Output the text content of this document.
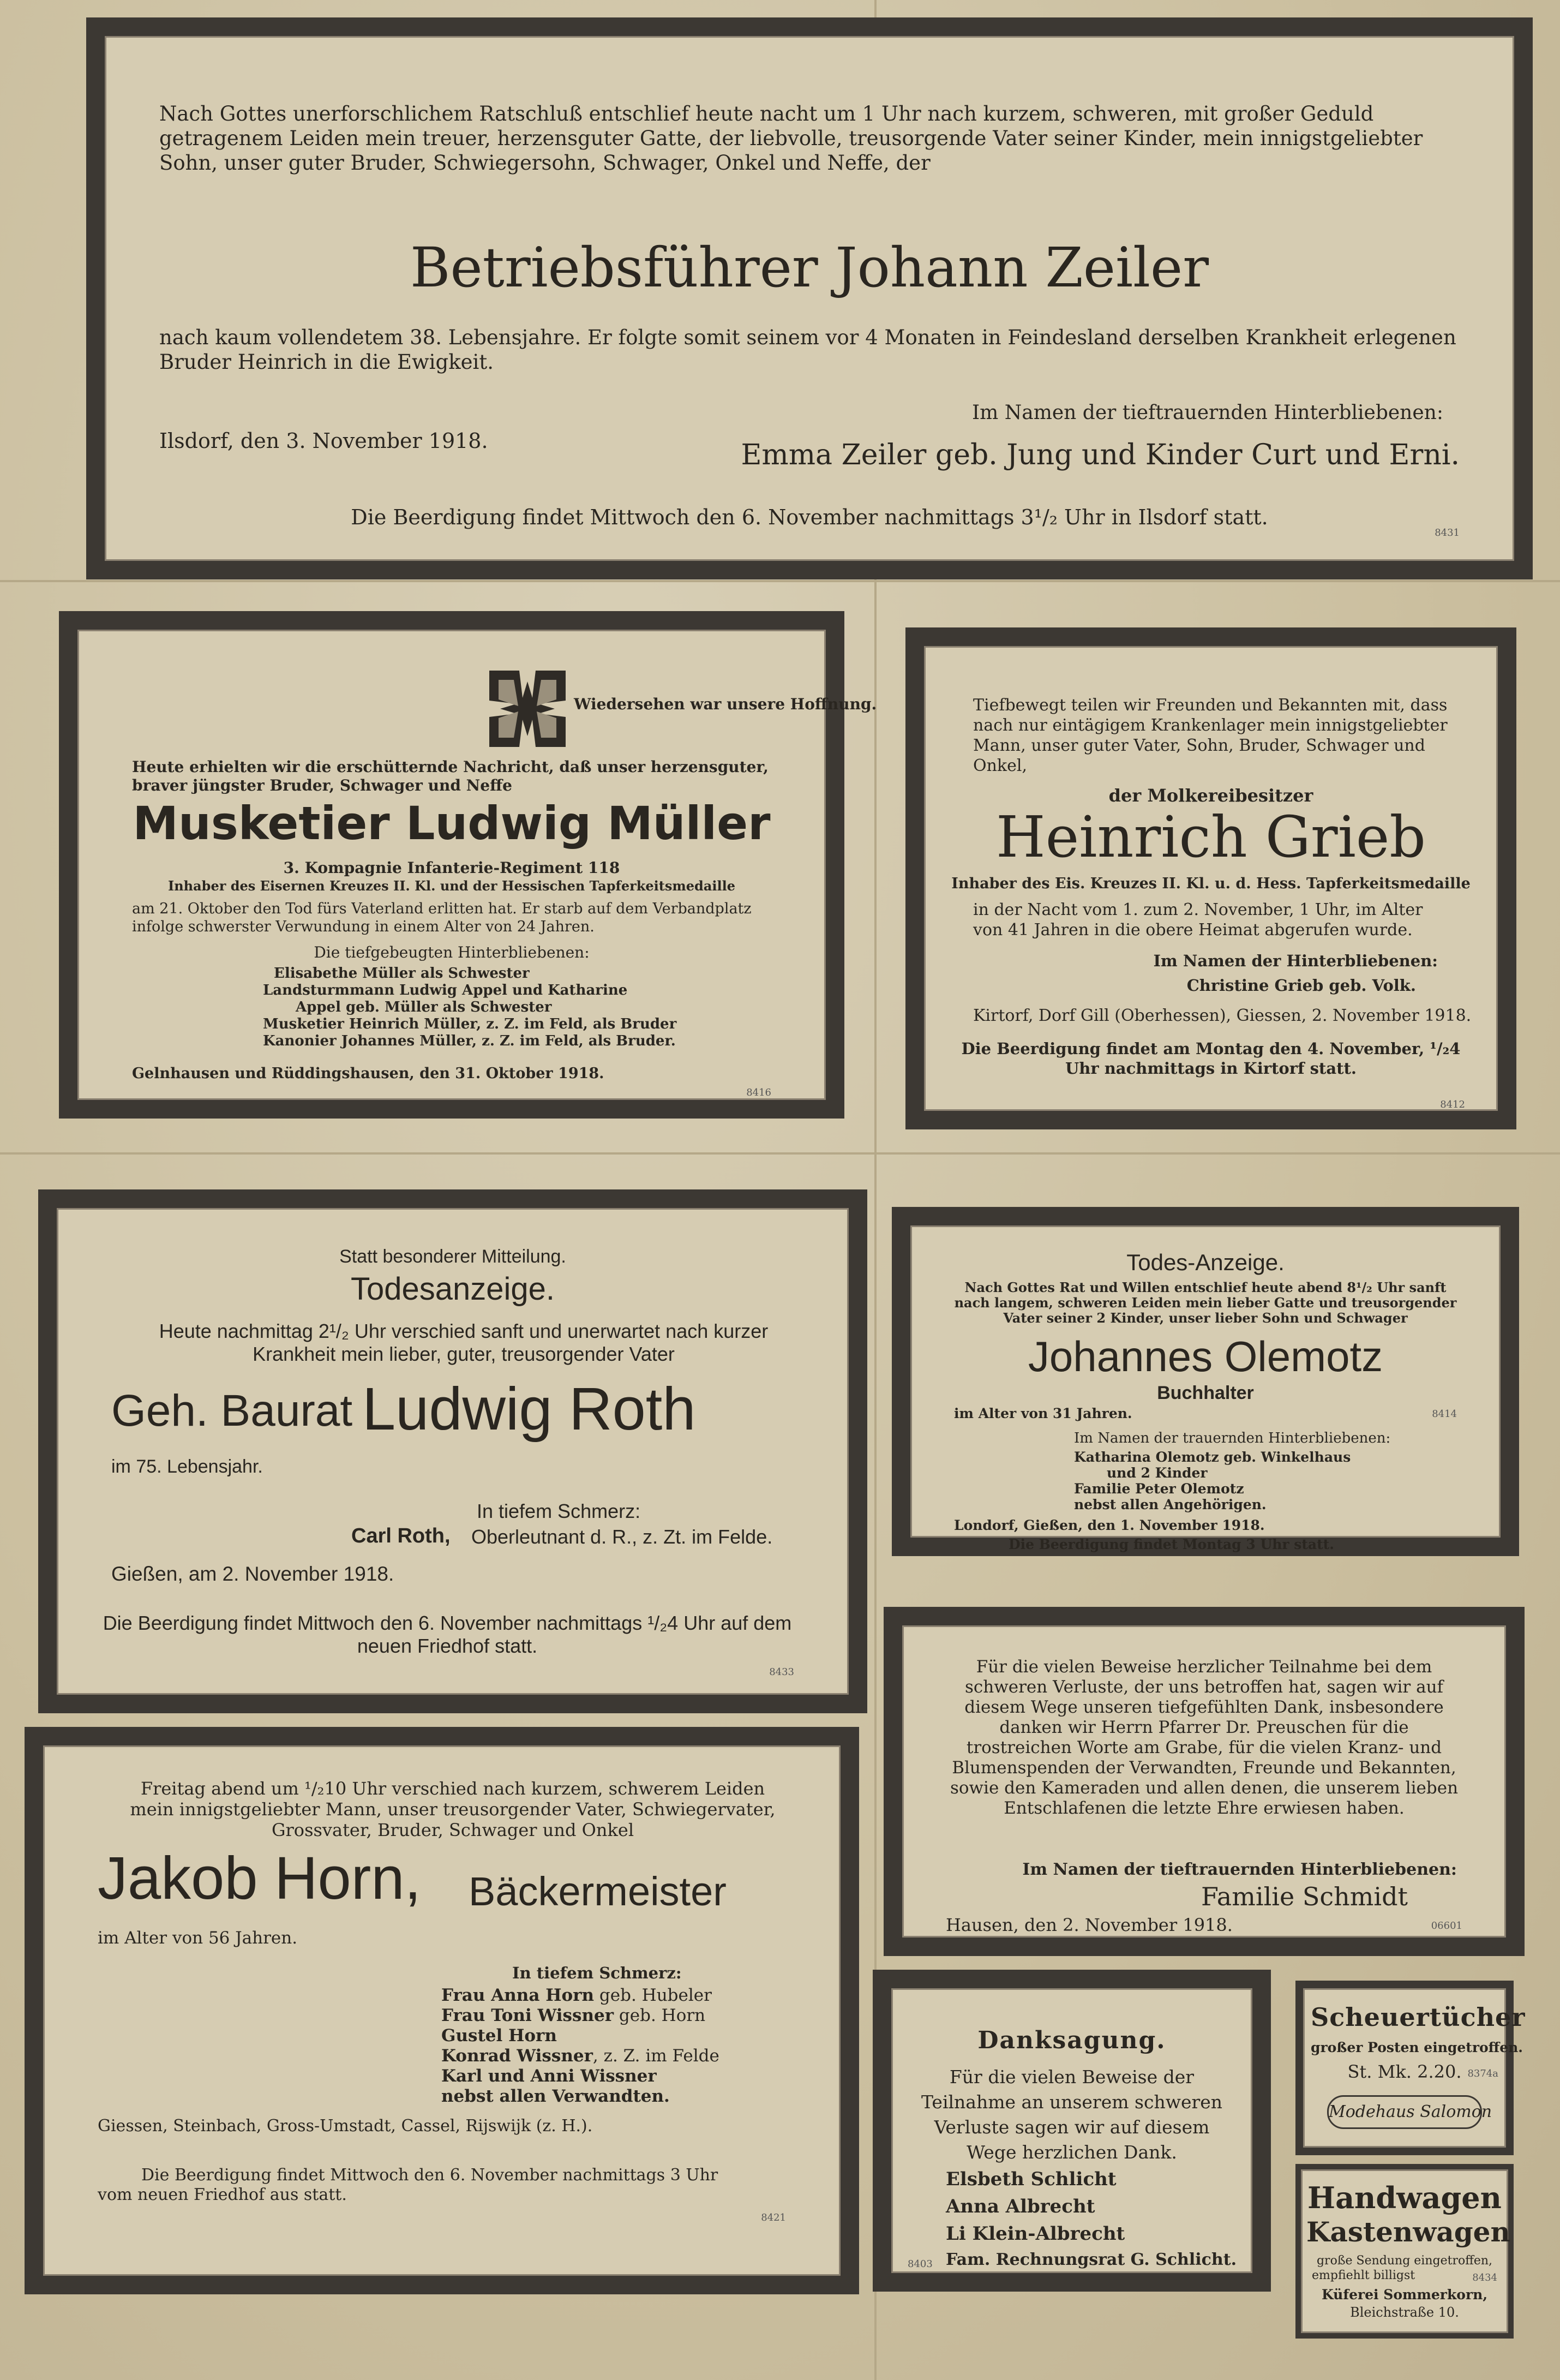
Nach Gottes unerforschlichem Ratschluß entschlief heute nacht um 1 Uhr nach kurzem, schweren, mit großer Geduld getragenem Leiden mein treuer, herzensguter Gatte, der liebvolle, treusorgende Vater seiner Kinder, mein innigstgeliebter Sohn, unser guter Bruder, Schwiegersohn, Schwager, Onkel und Neffe, der
Betriebsführer Johann Zeiler
nach kaum vollendetem 38. Lebensjahre. Er folgte somit seinem vor 4 Monaten in Feindesland derselben Krankheit erlegenen Bruder Heinrich in die Ewigkeit.
Im Namen der tieftrauernden Hinterbliebenen:
Ilsdorf, den 3. November 1918.	Emma Zeiler geb. Jung und Kinder Curt und Erni.
Die Beerdigung findet Mittwoch den 6. November nachmittags 3¹/₂ Uhr in Ilsdorf statt.
8431
Wiedersehen war unsere Hoffnung.
Heute erhielten wir die erschütternde Nachricht, daß unser herzensguter, braver jüngster Bruder, Schwager und Neffe
Musketier Ludwig Müller
3. Kompagnie Infanterie-Regiment 118
Inhaber des Eisernen Kreuzes II. Kl. und der Hessischen Tapferkeitsmedaille
am 21. Oktober den Tod fürs Vaterland erlitten hat. Er starb auf dem Verbandplatz infolge schwerster Verwundung in einem Alter von 24 Jahren.
Die tiefgebeugten Hinterbliebenen:
Elisabethe Müller als Schwester
Landsturmmann Ludwig Appel und Katharine
Appel geb. Müller als Schwester
Musketier Heinrich Müller, z. Z. im Feld, als Bruder
Kanonier Johannes Müller, z. Z. im Feld, als Bruder.
Gelnhausen und Rüddingshausen, den 31. Oktober 1918.
8416
Tiefbewegt teilen wir Freunden und Bekannten mit, dass nach nur eintägigem Krankenlager mein innigstgeliebter Mann, unser guter Vater, Sohn, Bruder, Schwager und Onkel,
der Molkereibesitzer
Heinrich Grieb
Inhaber des Eis. Kreuzes II. Kl. u. d. Hess. Tapferkeitsmedaille
in der Nacht vom 1. zum 2. November, 1 Uhr, im Alter von 41 Jahren in die obere Heimat abgerufen wurde.
Im Namen der Hinterbliebenen:
Christine Grieb geb. Volk.
Kirtorf, Dorf Gill (Oberhessen), Giessen, 2. November 1918.
Die Beerdigung findet am Montag den 4. November, ¹/₂4 Uhr nachmittags in Kirtorf statt.
8412
Statt besonderer Mitteilung.
Todesanzeige.
Heute nachmittag 2¹/₂ Uhr verschied sanft und unerwartet nach kurzer Krankheit mein lieber, guter, treusorgender Vater
Geh. Baurat Ludwig Roth
im 75. Lebensjahr.
In tiefem Schmerz:
Carl Roth, Oberleutnant d. R., z. Zt. im Felde.
Gießen, am 2. November 1918.
Die Beerdigung findet Mittwoch den 6. November nachmittags ¹/₂4 Uhr auf dem neuen Friedhof statt.
8433
Todes-Anzeige.
Nach Gottes Rat und Willen entschlief heute abend 8¹/₂ Uhr sanft nach langem, schweren Leiden mein lieber Gatte und treusorgender Vater seiner 2 Kinder, unser lieber Sohn und Schwager
Johannes Olemotz
Buchhalter
im Alter von 31 Jahren.	8414
Im Namen der trauernden Hinterbliebenen:
Katharina Olemotz geb. Winkelhaus
und 2 Kinder
Familie Peter Olemotz
nebst allen Angehörigen.
Londorf, Gießen, den 1. November 1918.
Die Beerdigung findet Montag 3 Uhr statt.
Für die vielen Beweise herzlicher Teilnahme bei dem schweren Verluste, der uns betroffen hat, sagen wir auf diesem Wege unseren tiefgefühlten Dank, insbesondere danken wir Herrn Pfarrer Dr. Preuschen für die trostreichen Worte am Grabe, für die vielen Kranz- und Blumenspenden der Verwandten, Freunde und Bekannten, sowie den Kameraden und allen denen, die unserem lieben Entschlafenen die letzte Ehre erwiesen haben.
Im Namen der tieftrauernden Hinterbliebenen:
Familie Schmidt
Hausen, den 2. November 1918.	06601
Freitag abend um ¹/₂10 Uhr verschied nach kurzem, schwerem Leiden mein innigstgeliebter Mann, unser treusorgender Vater, Schwiegervater, Grossvater, Bruder, Schwager und Onkel
Jakob Horn, Bäckermeister
im Alter von 56 Jahren.
In tiefem Schmerz:
Frau Anna Horn geb. Hubeler
Frau Toni Wissner geb. Horn
Gustel Horn
Konrad Wissner, z. Z. im Felde
Karl und Anni Wissner
nebst allen Verwandten.
Giessen, Steinbach, Gross-Umstadt, Cassel, Rijswijk (z. H.).
Die Beerdigung findet Mittwoch den 6. November nachmittags 3 Uhr vom neuen Friedhof aus statt.
8421
Danksagung.
Für die vielen Beweise der Teilnahme an unserem schweren Verluste sagen wir auf diesem Wege herzlichen Dank.
Elsbeth Schlicht
Anna Albrecht
Li Klein-Albrecht
Fam. Rechnungsrat G. Schlicht.
8403
Scheuertücher
großer Posten eingetroffen.
St. Mk. 2.20. 8374a
Modehaus Salomon
Handwagen
Kastenwagen
große Sendung eingetroffen,
empfiehlt billigst	8434
Küferei Sommerkorn,
Bleichstraße 10.
